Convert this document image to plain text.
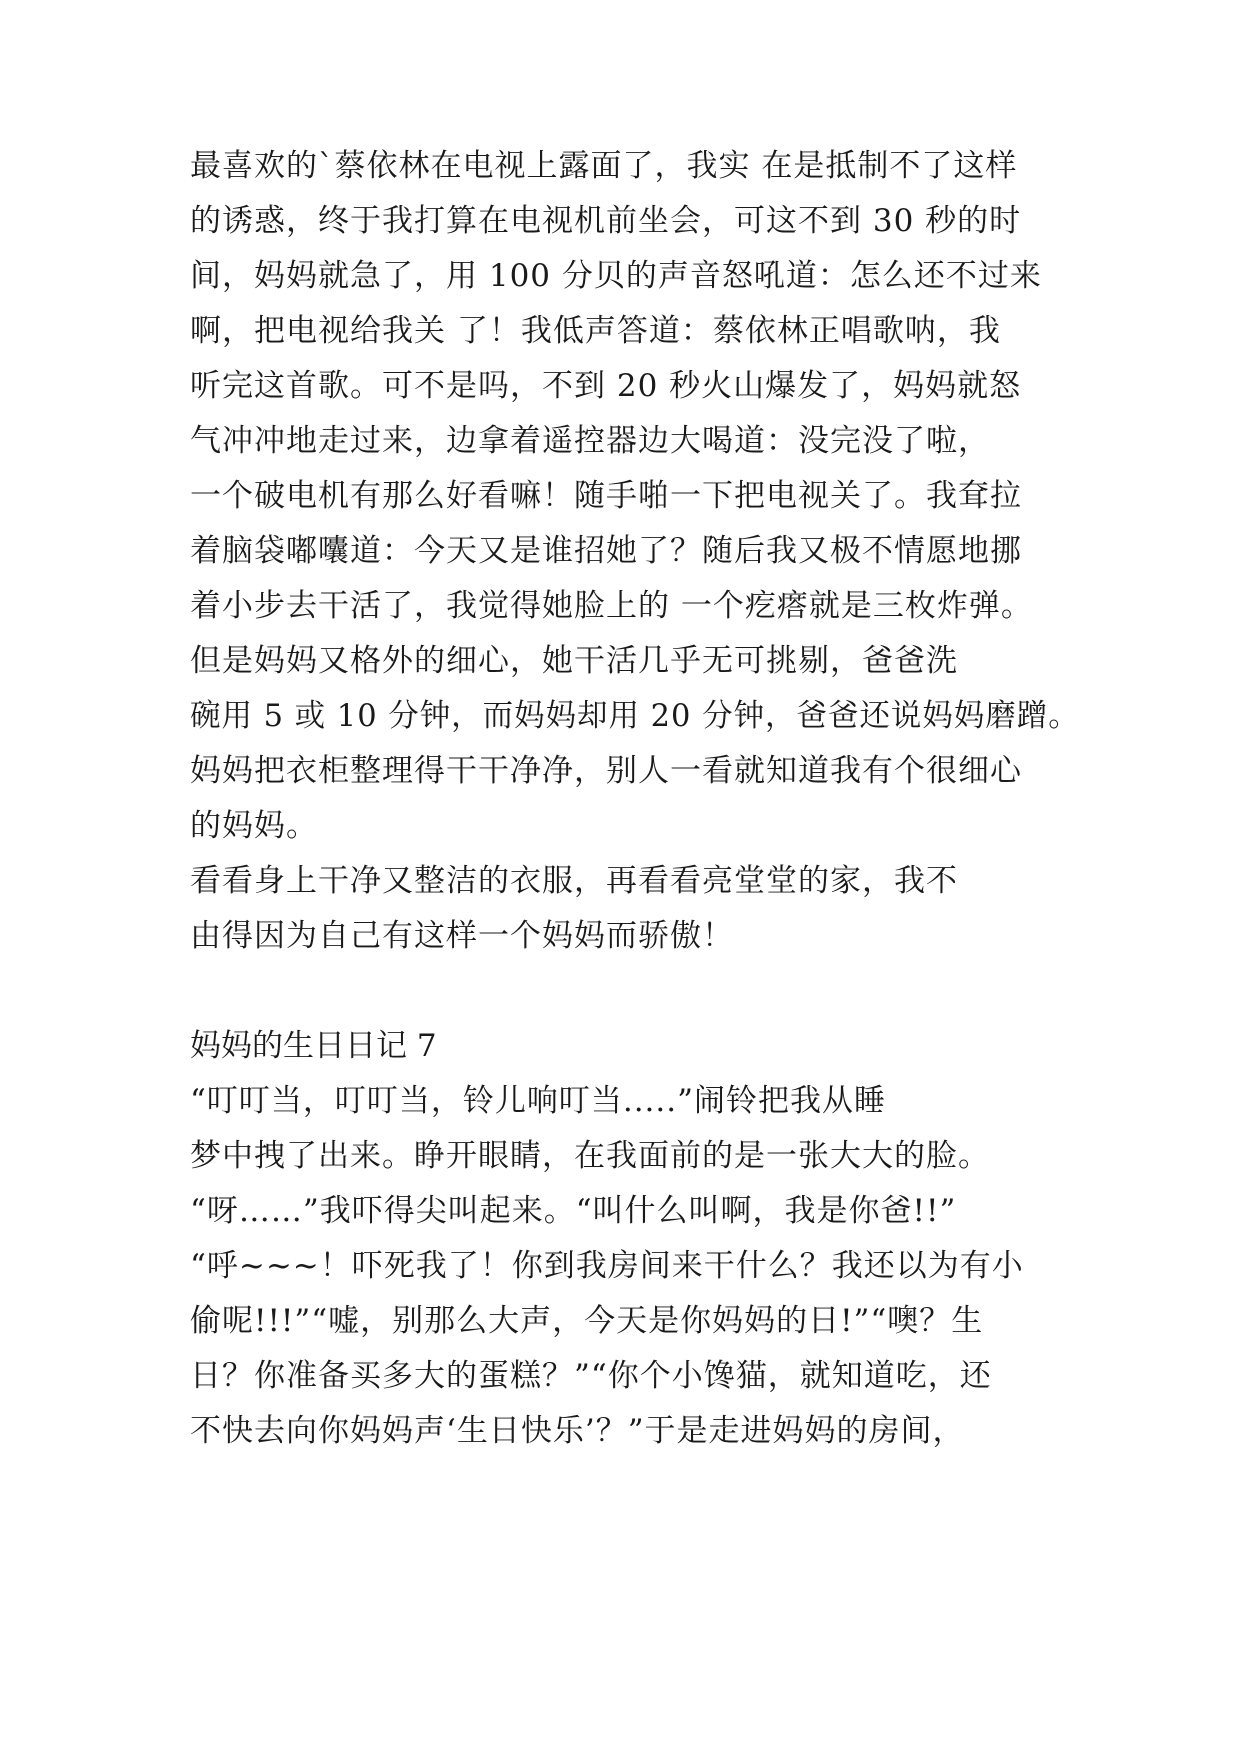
最喜欢的`蔡依林在电视上露面了，我实 在是抵制不了这样
的诱惑，终于我打算在电视机前坐会，可这不到 30 秒的时
间，妈妈就急了，用 100 分贝的声音怒吼道：怎么还不过来
啊，把电视给我关 了！我低声答道：蔡依林正唱歌呐，我
听完这首歌。可不是吗，不到 20 秒火山爆发了，妈妈就怒
气冲冲地走过来，边拿着遥控器边大喝道：没完没了啦，
一个破电机有那么好看嘛！随手啪一下把电视关了。我耷拉
着脑袋嘟囔道：今天又是谁招她了？随后我又极不情愿地挪
着小步去干活了，我觉得她脸上的 一个疙瘩就是三枚炸弹。
但是妈妈又格外的细心，她干活几乎无可挑剔，爸爸洗
碗用 5 或 10 分钟，而妈妈却用 20 分钟，爸爸还说妈妈磨蹭。
妈妈把衣柜整理得干干净净，别人一看就知道我有个很细心
的妈妈。
看看身上干净又整洁的衣服，再看看亮堂堂的家，我不
由得因为自己有这样一个妈妈而骄傲！
妈妈的生日日记 7
“叮叮当，叮叮当，铃儿响叮当.....”闹铃把我从睡
梦中拽了出来。睁开眼睛，在我面前的是一张大大的脸。
“呀……”我吓得尖叫起来。“叫什么叫啊，我是你爸!!”
“呼~~~！吓死我了！你到我房间来干什么？我还以为有小
偷呢!!!”“嘘，别那么大声，今天是你妈妈的日!”“噢？生
日？你准备买多大的蛋糕？”“你个小馋猫，就知道吃，还
不快去向你妈妈声‘生日快乐’？”于是走进妈妈的房间，
